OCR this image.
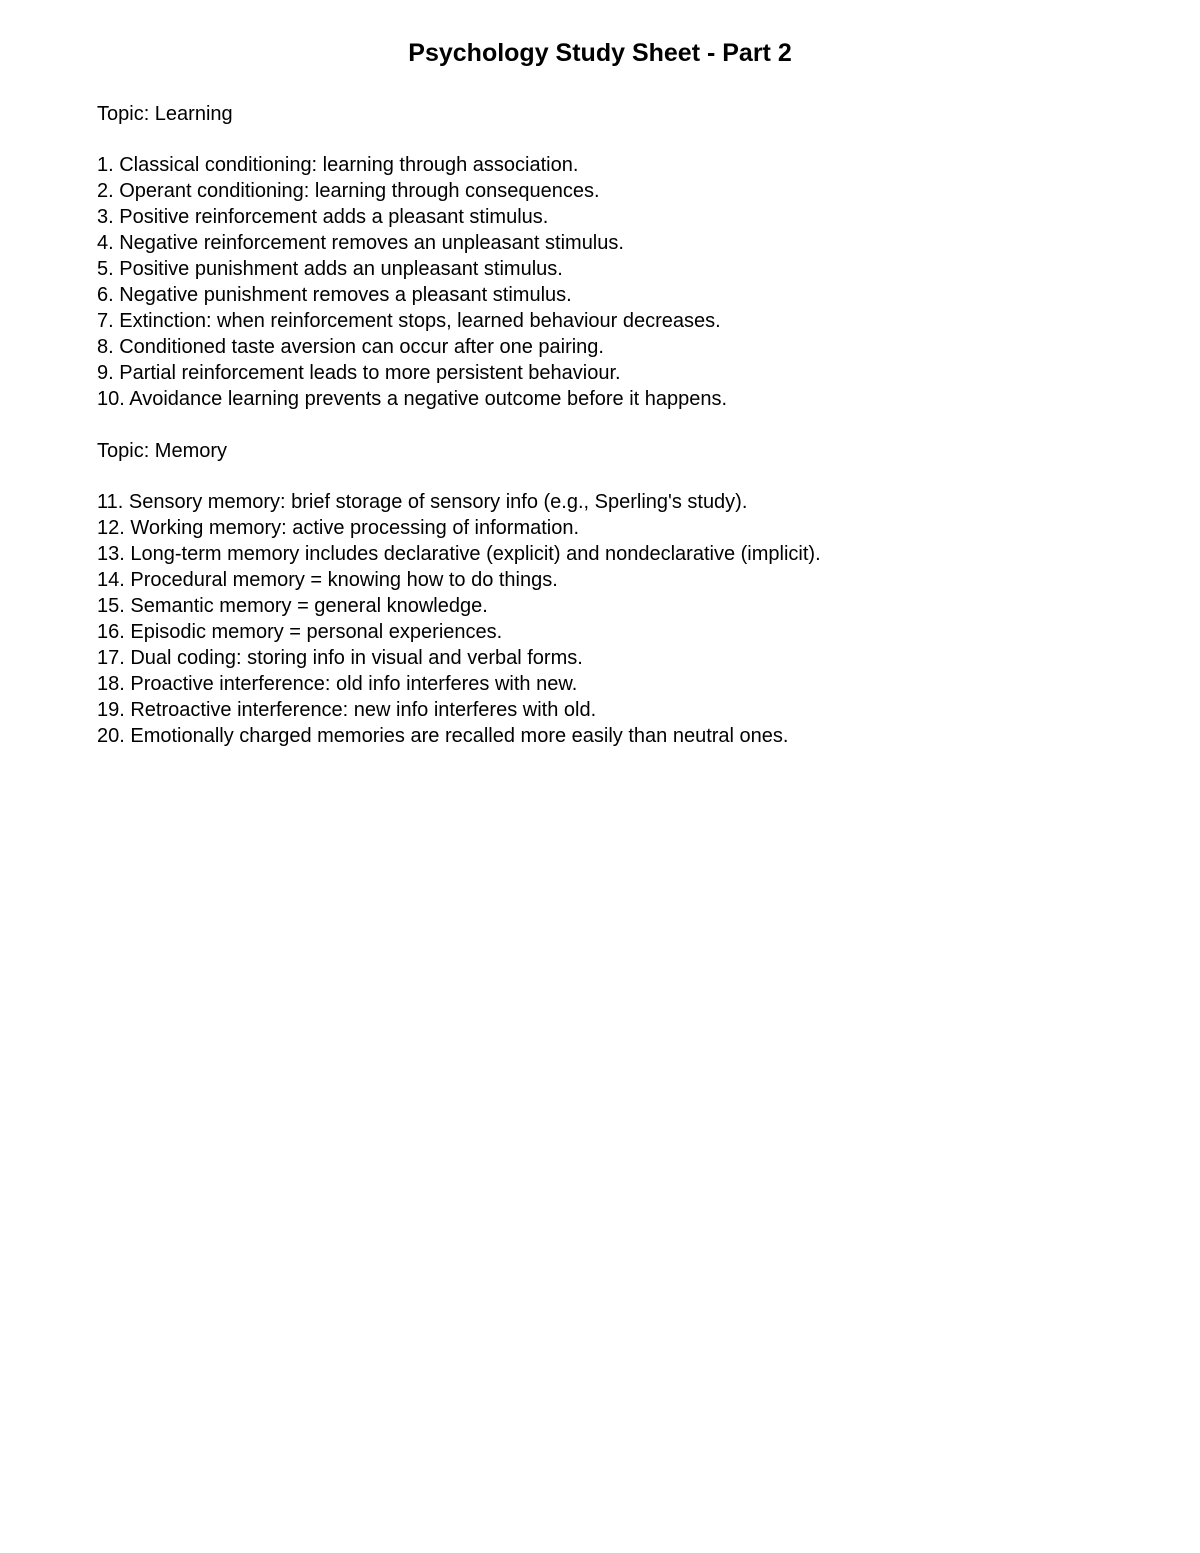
Psychology Study Sheet - Part 2
Topic: Learning
1. Classical conditioning: learning through association.
2. Operant conditioning: learning through consequences.
3. Positive reinforcement adds a pleasant stimulus.
4. Negative reinforcement removes an unpleasant stimulus.
5. Positive punishment adds an unpleasant stimulus.
6. Negative punishment removes a pleasant stimulus.
7. Extinction: when reinforcement stops, learned behaviour decreases.
8. Conditioned taste aversion can occur after one pairing.
9. Partial reinforcement leads to more persistent behaviour.
10. Avoidance learning prevents a negative outcome before it happens.
Topic: Memory
11. Sensory memory: brief storage of sensory info (e.g., Sperling's study).
12. Working memory: active processing of information.
13. Long-term memory includes declarative (explicit) and nondeclarative (implicit).
14. Procedural memory = knowing how to do things.
15. Semantic memory = general knowledge.
16. Episodic memory = personal experiences.
17. Dual coding: storing info in visual and verbal forms.
18. Proactive interference: old info interferes with new.
19. Retroactive interference: new info interferes with old.
20. Emotionally charged memories are recalled more easily than neutral ones.
